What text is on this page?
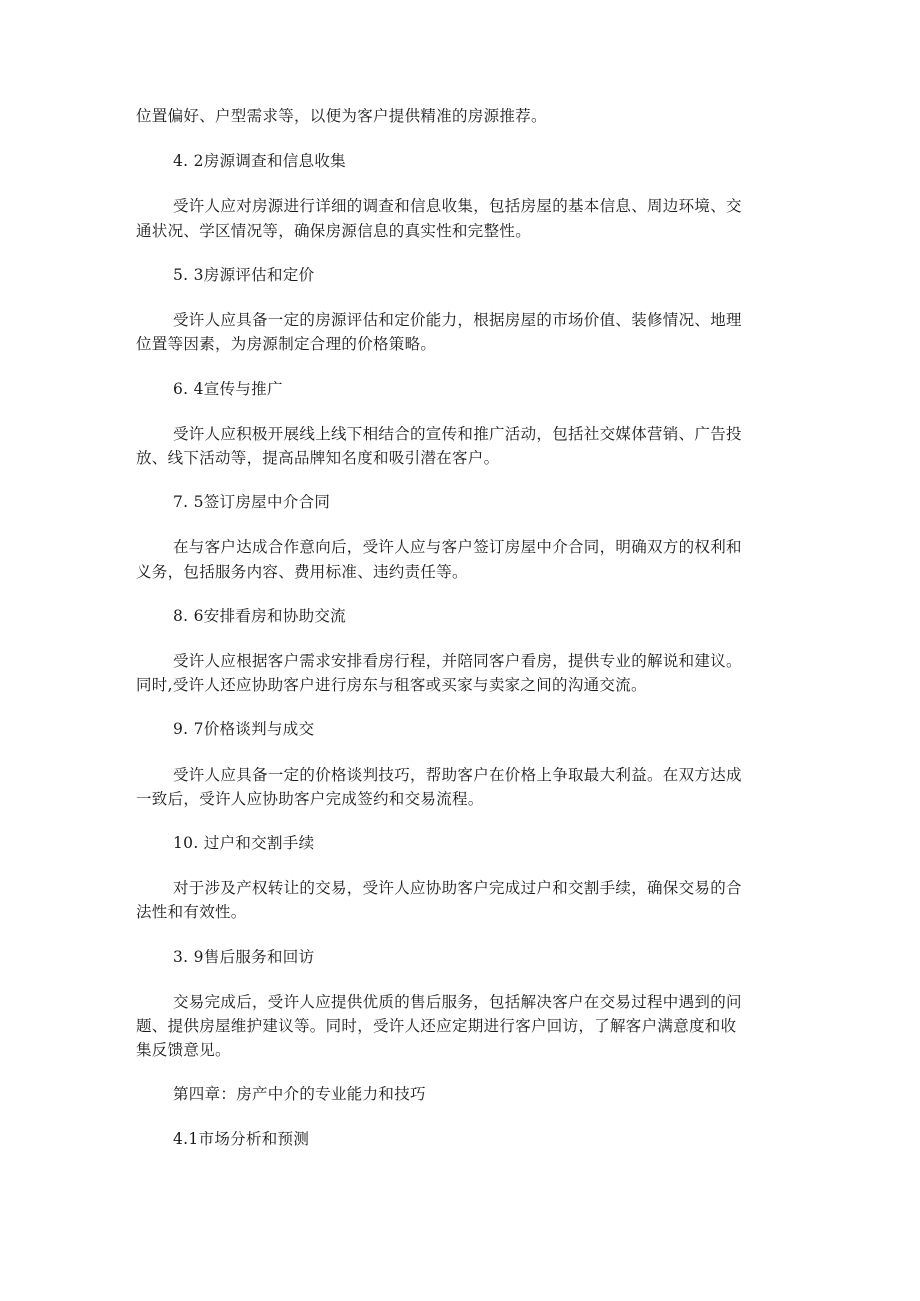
位置偏好、户型需求等，以便为客户提供精准的房源推荐。
4. 2房源调查和信息收集
受许人应对房源进行详细的调查和信息收集，包括房屋的基本信息、周边环境、交
通状况、学区情况等，确保房源信息的真实性和完整性。
5. 3房源评估和定价
受许人应具备一定的房源评估和定价能力，根据房屋的市场价值、装修情况、地理
位置等因素，为房源制定合理的价格策略。
6. 4宣传与推广
受许人应积极开展线上线下相结合的宣传和推广活动，包括社交媒体营销、广告投
放、线下活动等，提高品牌知名度和吸引潜在客户。
7. 5签订房屋中介合同
在与客户达成合作意向后，受许人应与客户签订房屋中介合同，明确双方的权利和
义务，包括服务内容、费用标准、违约责任等。
8. 6安排看房和协助交流
受许人应根据客户需求安排看房行程，并陪同客户看房，提供专业的解说和建议。
同时,受许人还应协助客户进行房东与租客或买家与卖家之间的沟通交流。
9. 7价格谈判与成交
受许人应具备一定的价格谈判技巧，帮助客户在价格上争取最大利益。在双方达成
一致后，受许人应协助客户完成签约和交易流程。
10. 过户和交割手续
对于涉及产权转让的交易，受许人应协助客户完成过户和交割手续，确保交易的合
法性和有效性。
3. 9售后服务和回访
交易完成后，受许人应提供优质的售后服务，包括解决客户在交易过程中遇到的问
题、提供房屋维护建议等。同时，受许人还应定期进行客户回访，了解客户满意度和收
集反馈意见。
第四章：房产中介的专业能力和技巧
4.1市场分析和预测
